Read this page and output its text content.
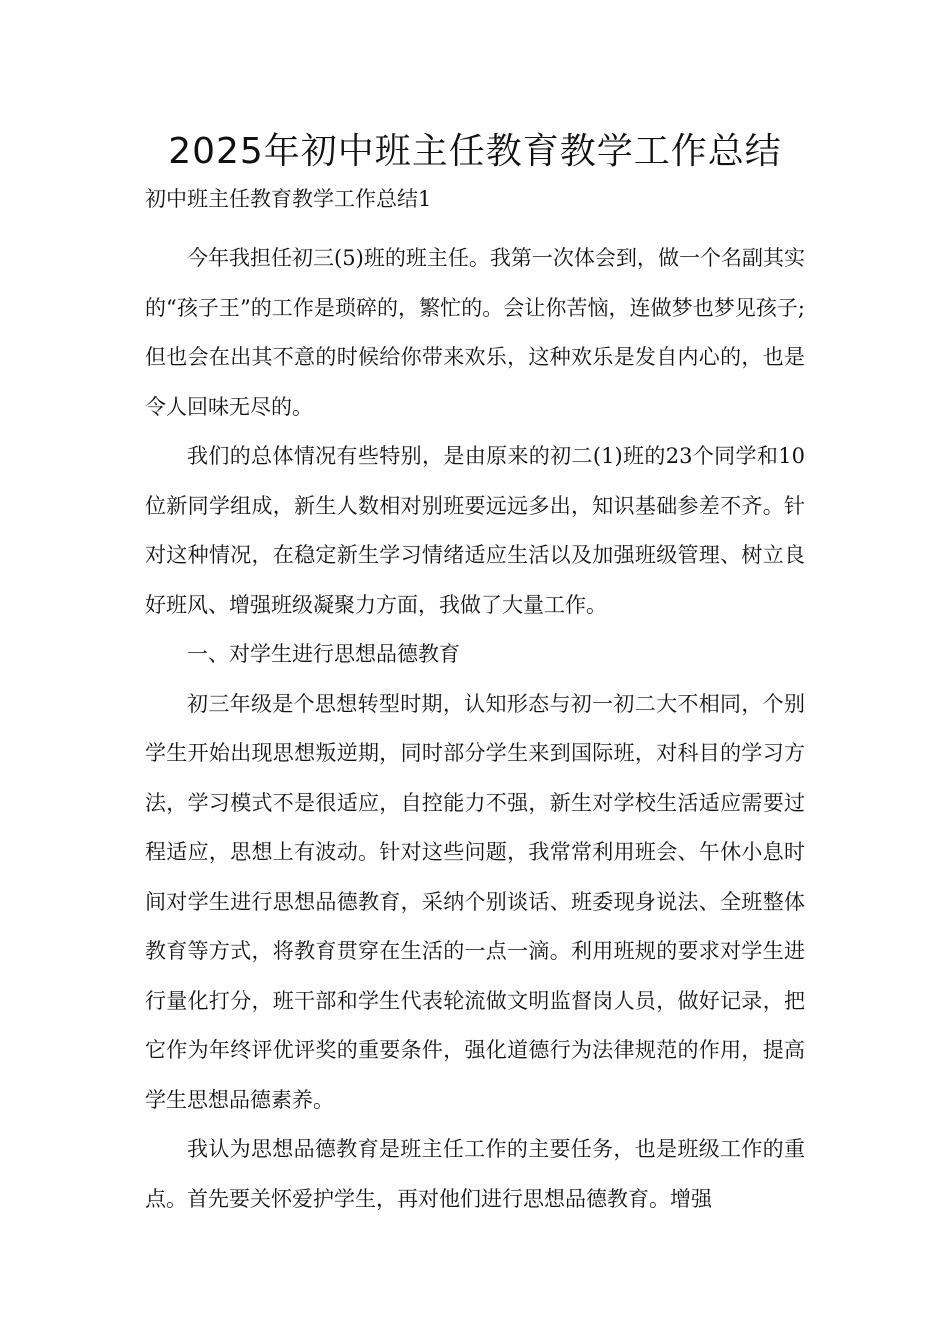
2025年初中班主任教育教学工作总结

初中班主任教育教学工作总结1

今年我担任初三(5)班的班主任。我第一次体会到，做一个名副其实的“孩子王”的工作是琐碎的，繁忙的。会让你苦恼，连做梦也梦见孩子;但也会在出其不意的时候给你带来欢乐，这种欢乐是发自内心的，也是令人回味无尽的。

我们的总体情况有些特别，是由原来的初二(1)班的23个同学和10位新同学组成，新生人数相对别班要远远多出，知识基础参差不齐。针对这种情况，在稳定新生学习情绪适应生活以及加强班级管理、树立良好班风、增强班级凝聚力方面，我做了大量工作。

一、对学生进行思想品德教育

初三年级是个思想转型时期，认知形态与初一初二大不相同，个别学生开始出现思想叛逆期，同时部分学生来到国际班，对科目的学习方法，学习模式不是很适应，自控能力不强，新生对学校生活适应需要过程适应，思想上有波动。针对这些问题，我常常利用班会、午休小息时间对学生进行思想品德教育，采纳个别谈话、班委现身说法、全班整体教育等方式，将教育贯穿在生活的一点一滴。利用班规的要求对学生进行量化打分，班干部和学生代表轮流做文明监督岗人员，做好记录，把它作为年终评优评奖的重要条件，强化道德行为法律规范的作用，提高学生思想品德素养。

我认为思想品德教育是班主任工作的主要任务，也是班级工作的重点。首先要关怀爱护学生，再对他们进行思想品德教育。增强
